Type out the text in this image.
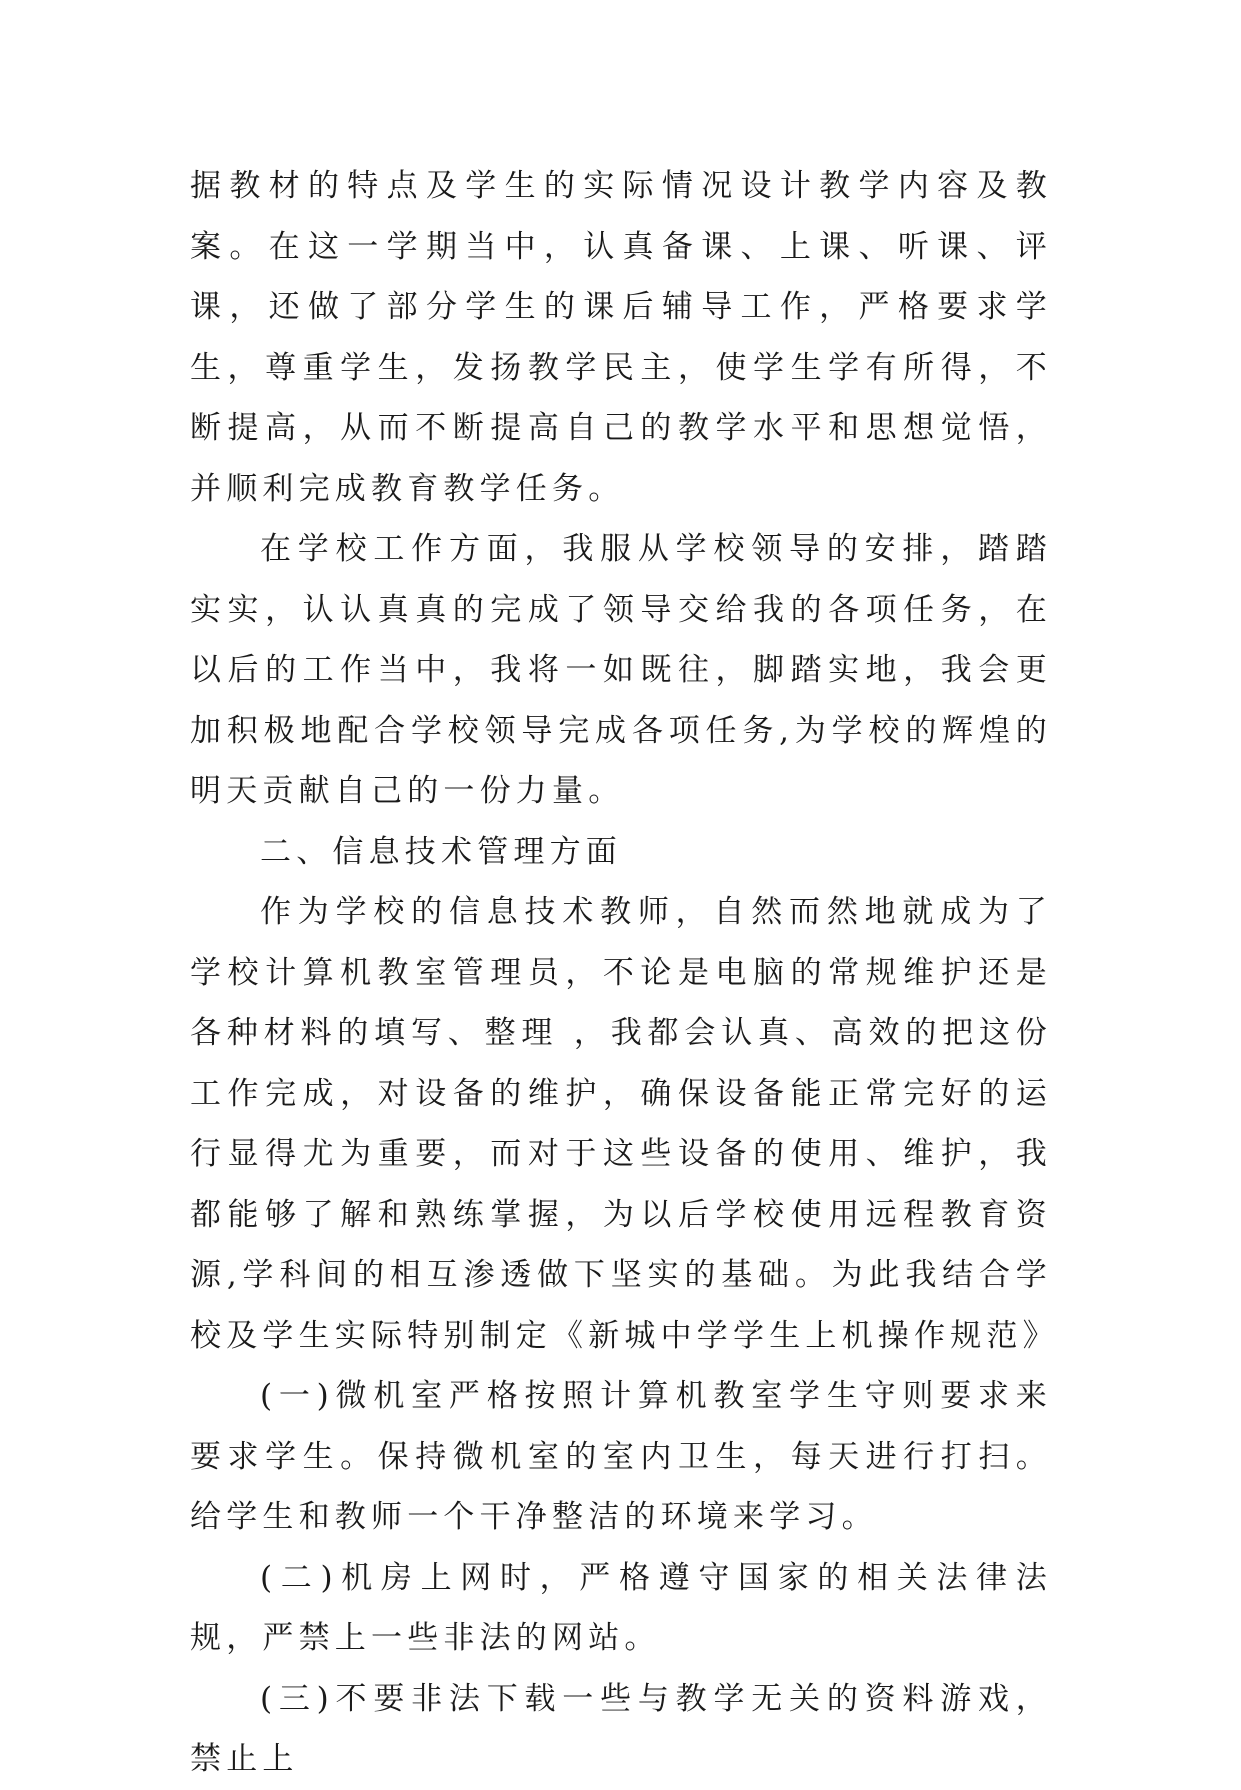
据教材的特点及学生的实际情况设计教学内容及教案。在这一学期当中，认真备课、上课、听课、评课，还做了部分学生的课后辅导工作，严格要求学生，尊重学生，发扬教学民主，使学生学有所得，不断提高，从而不断提高自己的教学水平和思想觉悟，并顺利完成教育教学任务。

在学校工作方面，我服从学校领导的安排，踏踏实实，认认真真的完成了领导交给我的各项任务，在以后的工作当中，我将一如既往，脚踏实地，我会更加积极地配合学校领导完成各项任务,为学校的辉煌的明天贡献自己的一份力量。

二、信息技术管理方面

作为学校的信息技术教师，自然而然地就成为了学校计算机教室管理员，不论是电脑的常规维护还是各种材料的填写、整理 ，我都会认真、高效的把这份工作完成，对设备的维护，确保设备能正常完好的运行显得尤为重要，而对于这些设备的使用、维护，我都能够了解和熟练掌握，为以后学校使用远程教育资源,学科间的相互渗透做下坚实的基础。为此我结合学校及学生实际特别制定《新城中学学生上机操作规范》

(一)微机室严格按照计算机教室学生守则要求来要求学生。保持微机室的室内卫生，每天进行打扫。给学生和教师一个干净整洁的环境来学习。

(二)机房上网时，严格遵守国家的相关法律法规，严禁上一些非法的网站。

(三)不要非法下载一些与教学无关的资料游戏，禁止上
